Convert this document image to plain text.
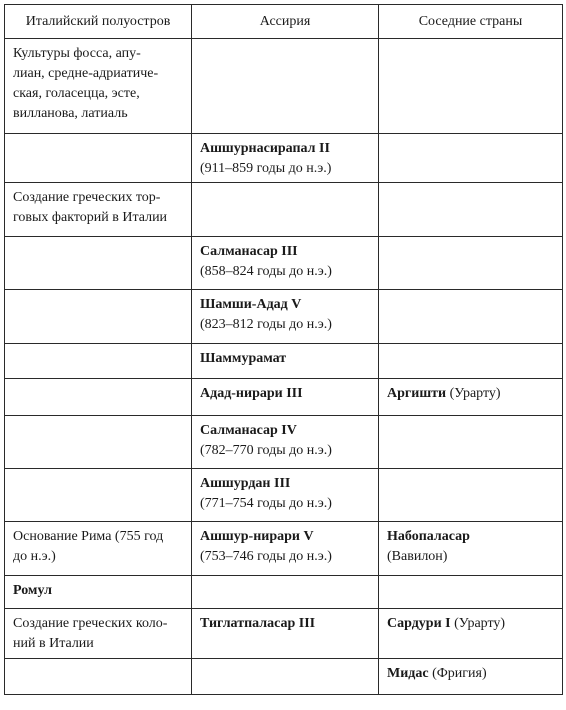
Италийский полуостров	Ассирия	Соседние страны

Культуры фосса, апу-
лиан, средне-адриатиче-
ская, голасецца, эсте,
вилланова, латиаль		

	Ашшурнасирапал II
(911–859 годы до н.э.)	

Создание греческих тор-
говых факторий в Италии		

	Салманасар III
(858–824 годы до н.э.)	

	Шамши-Адад V
(823–812 годы до н.э.)	

	Шаммурамат	

	Адад-нирари III	Аргишти (Урарту)

	Салманасар IV
(782–770 годы до н.э.)	

	Ашшурдан III
(771–754 годы до н.э.)	

Основание Рима (755 год
до н.э.)	Ашшур-нирари V
(753–746 годы до н.э.)	Набопаласар
(Вавилон)

Ромул		

Создание греческих коло-
ний в Италии	Тиглатпаласар III	Сардури I (Урарту)

		Мидас (Фригия)
